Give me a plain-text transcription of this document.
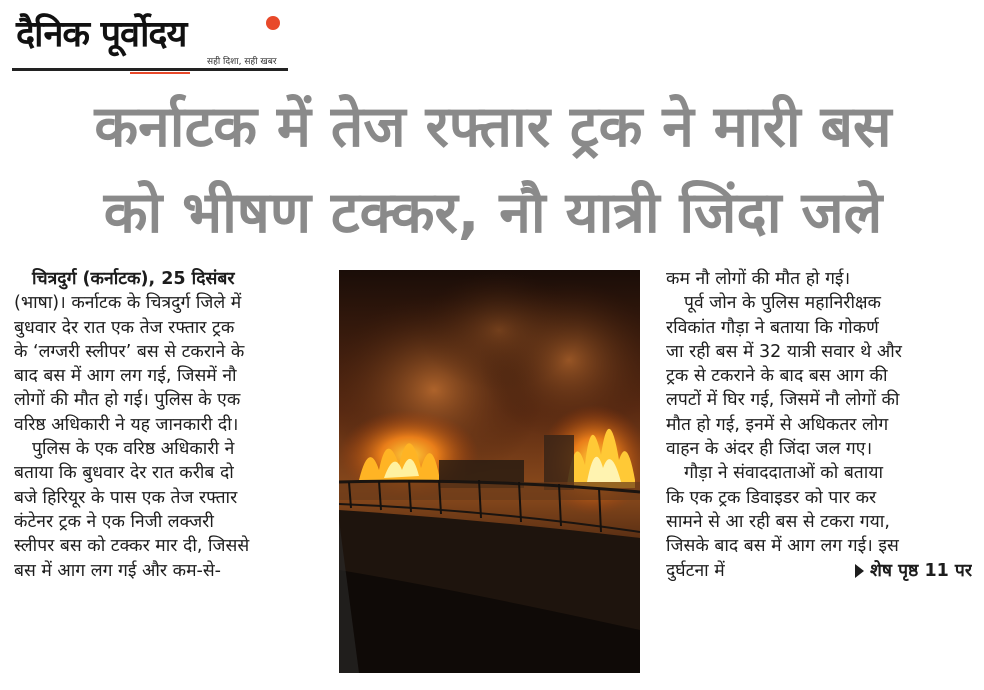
दैनिक पूर्वोदय
सही दिशा, सही खबर
कर्नाटक में तेज रफ्तार ट्रक ने मारी बस
को भीषण टक्कर, नौ यात्री जिंदा जले
चित्रदुर्ग (कर्नाटक), 25 दिसंबर
(भाषा)। कर्नाटक के चित्रदुर्ग जिले में
बुधवार देर रात एक तेज रफ्तार ट्रक
के ‘लग्जरी स्लीपर’ बस से टकराने के
बाद बस में आग लग गई, जिसमें नौ
लोगों की मौत हो गई। पुलिस के एक
वरिष्ठ अधिकारी ने यह जानकारी दी।
पुलिस के एक वरिष्ठ अधिकारी ने
बताया कि बुधवार देर रात करीब दो
बजे हिरियूर के पास एक तेज रफ्तार
कंटेनर ट्रक ने एक निजी लक्जरी
स्लीपर बस को टक्कर मार दी, जिससे
बस में आग लग गई और कम-से-
कम नौ लोगों की मौत हो गई।
पूर्व जोन के पुलिस महानिरीक्षक
रविकांत गौड़ा ने बताया कि गोकर्ण
जा रही बस में 32 यात्री सवार थे और
ट्रक से टकराने के बाद बस आग की
लपटों में घिर गई, जिसमें नौ लोगों की
मौत हो गई, इनमें से अधिकतर लोग
वाहन के अंदर ही जिंदा जल गए।
गौड़ा ने संवाददाताओं को बताया
कि एक ट्रक डिवाइडर को पार कर
सामने से आ रही बस से टकरा गया,
जिसके बाद बस में आग लग गई। इस
दुर्घटना में	शेष पृष्ठ 11 पर
